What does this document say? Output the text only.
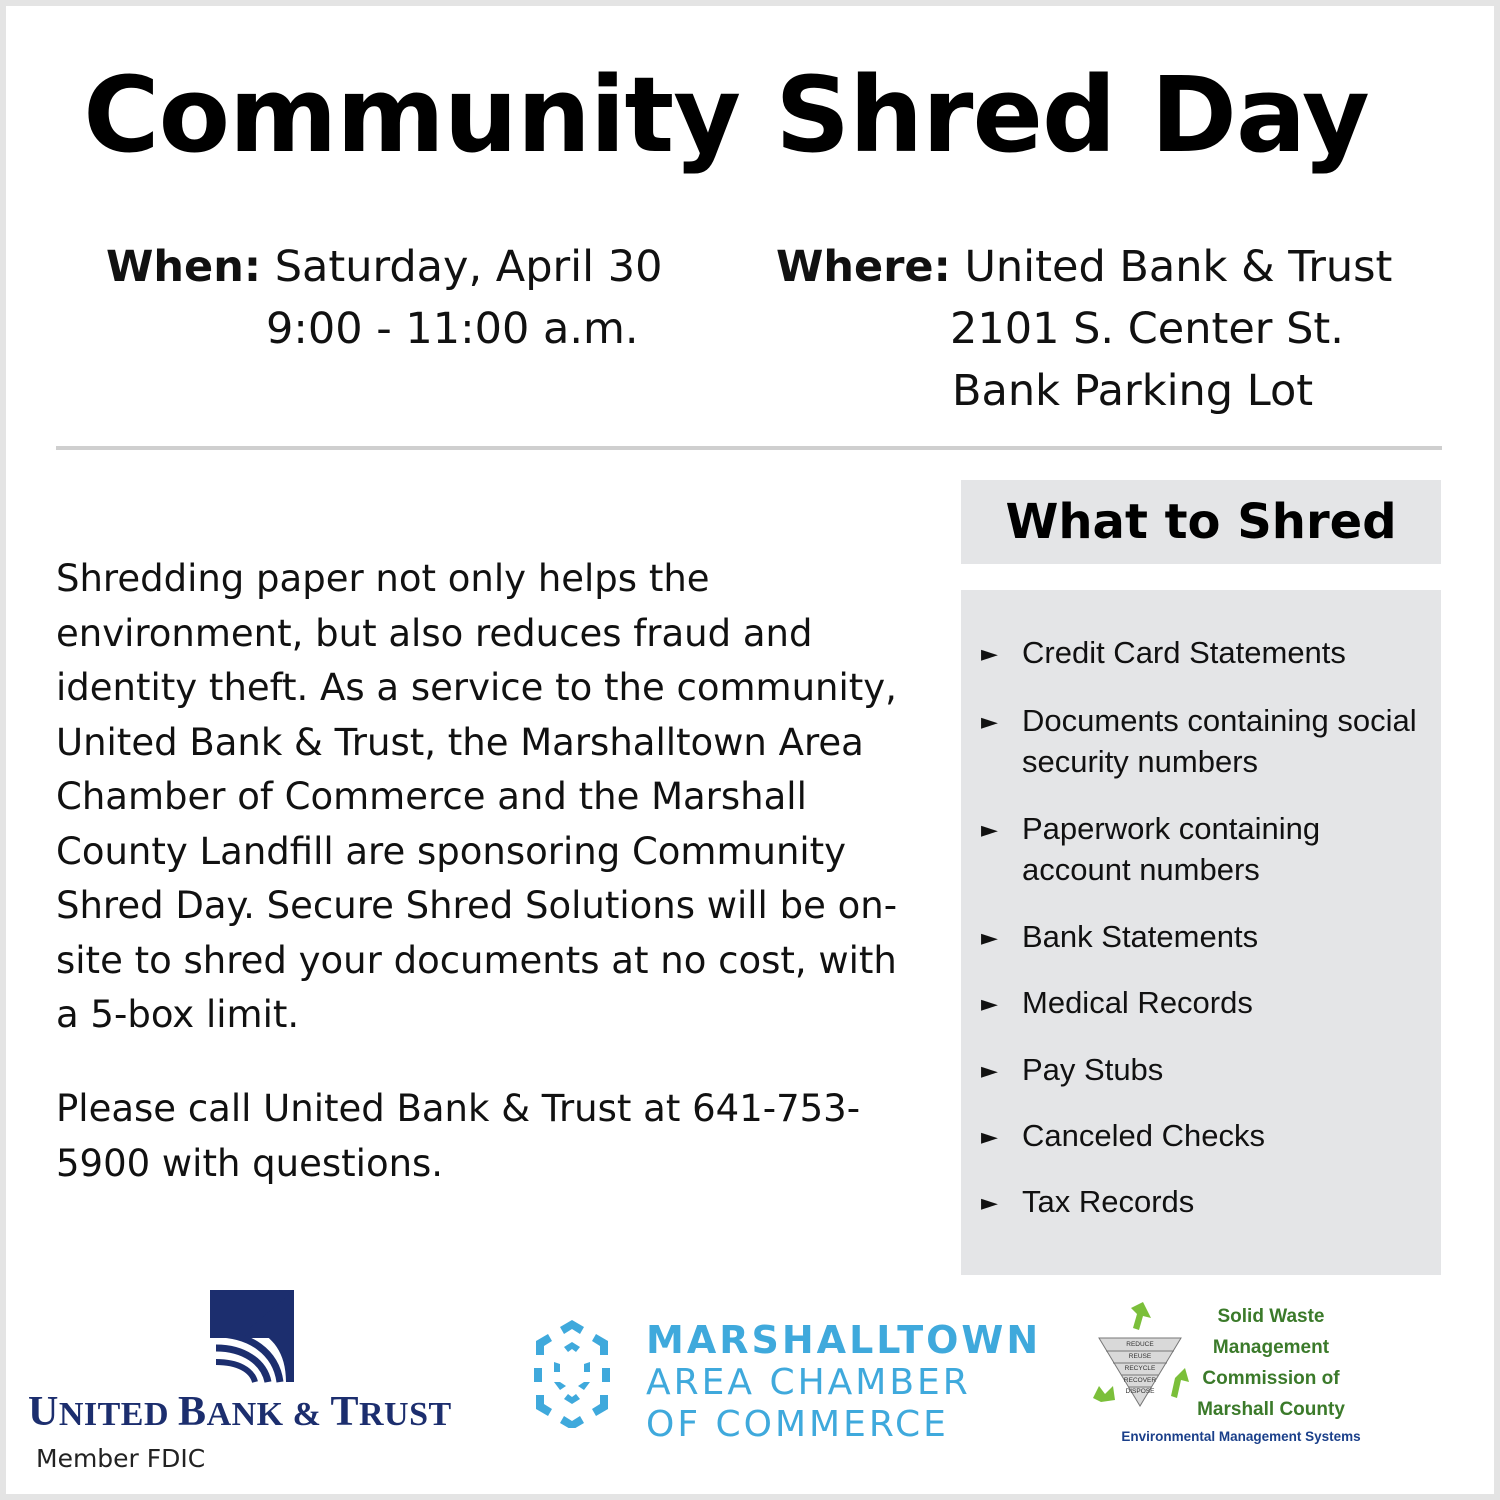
Community Shred Day
When: Saturday, April 30
9:00 - 11:00 a.m.
Where: United Bank & Trust
2101 S. Center St.
Bank Parking Lot

Shredding paper not only helps the environment, but also reduces fraud and identity theft. As a service to the community, United Bank & Trust, the Marshalltown Area Chamber of Commerce and the Marshall County Landfill are sponsoring Community Shred Day. Secure Shred Solutions will be on-site to shred your documents at no cost, with a 5-box limit.

Please call United Bank & Trust at 641-753-5900 with questions.

What to Shred
► Credit Card Statements
► Documents containing social security numbers
► Paperwork containing account numbers
► Bank Statements
► Medical Records
► Pay Stubs
► Canceled Checks
► Tax Records
UNITED BANK & TRUST
Member FDIC
MARSHALLTOWN
AREA CHAMBER
OF COMMERCE
REDUCE
REUSE
RECYCLE
RECOVER
DISPOSE
Solid Waste
Management
Commission of
Marshall County
Environmental Management Systems
